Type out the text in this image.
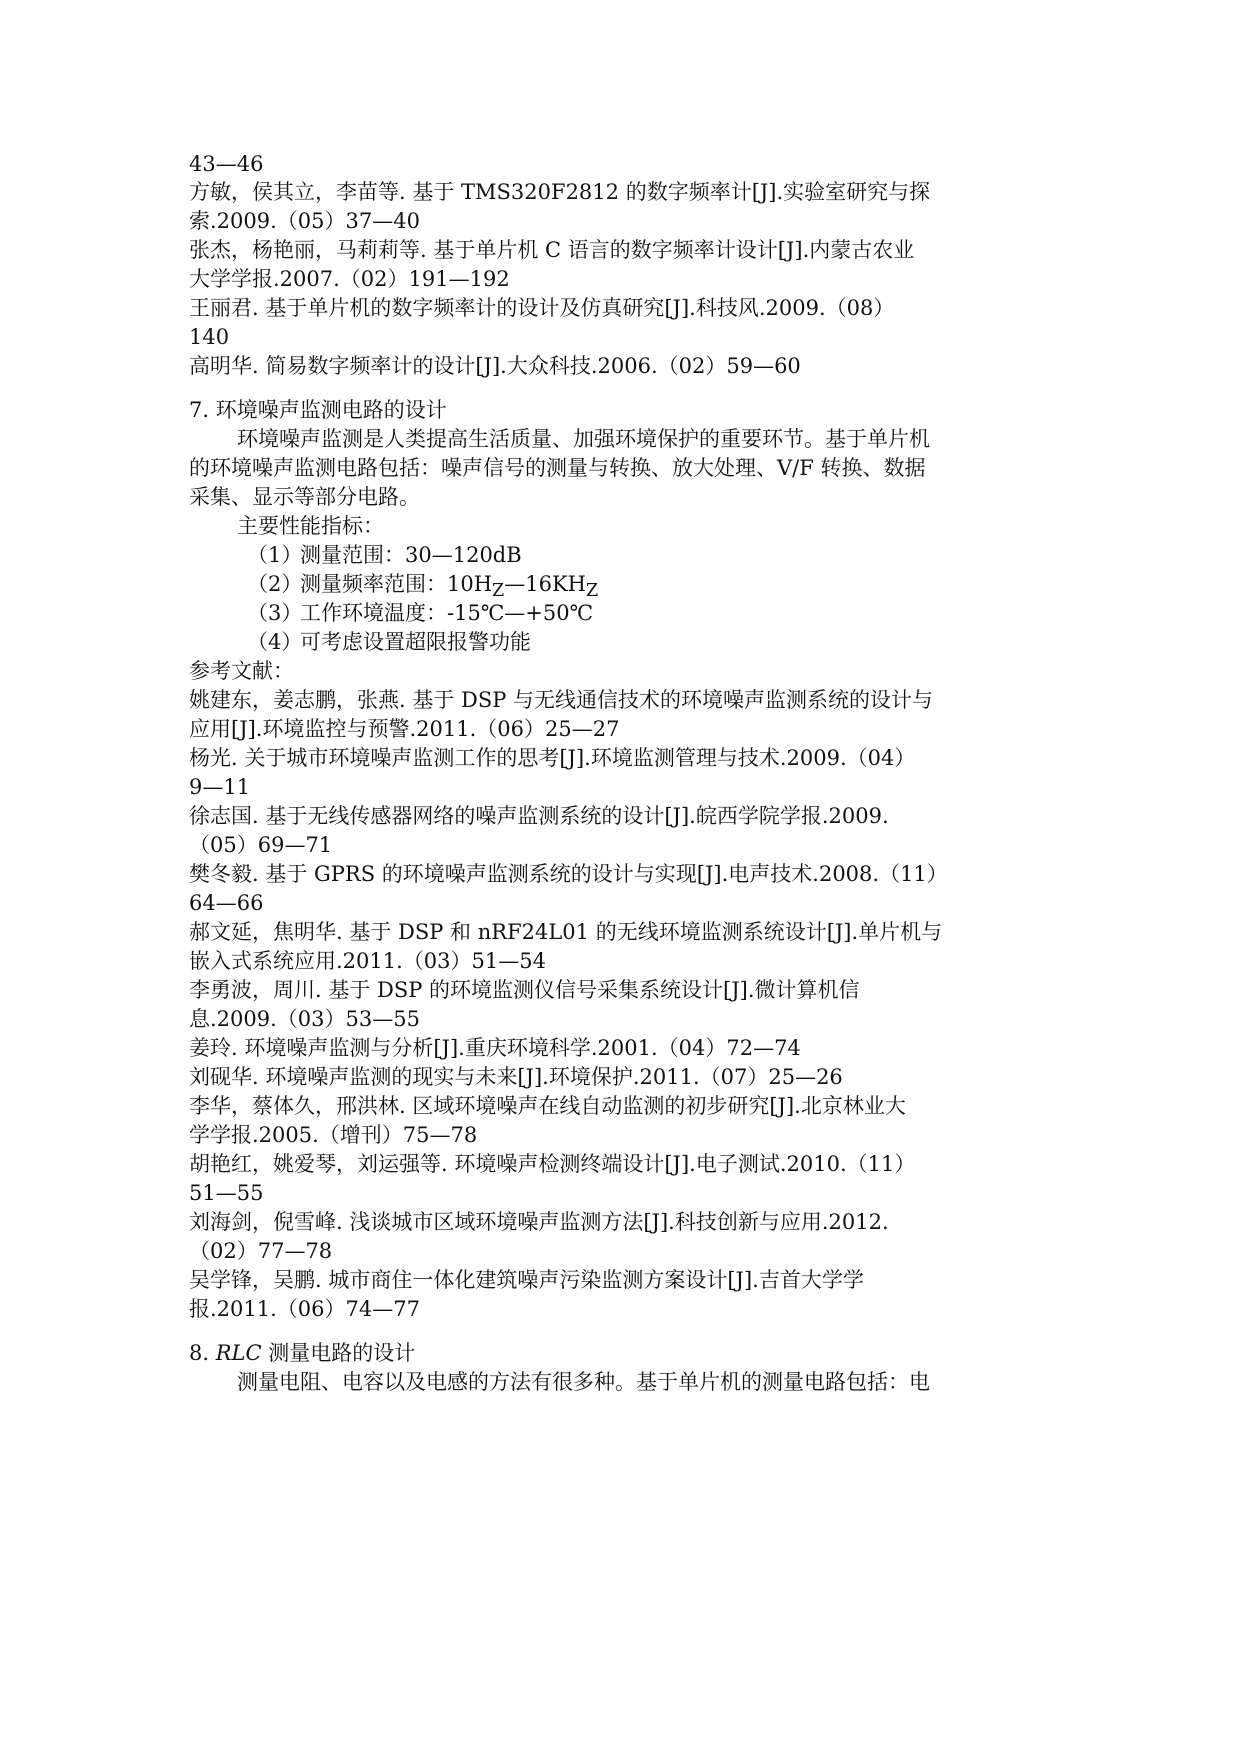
43—46
方敏，侯其立，李苗等. 基于 TMS320F2812 的数字频率计[J].实验室研究与探
索.2009.（05）37—40
张杰，杨艳丽，马莉莉等. 基于单片机 C 语言的数字频率计设计[J].内蒙古农业
大学学报.2007.（02）191—192
王丽君. 基于单片机的数字频率计的设计及仿真研究[J].科技风.2009.（08）
140
高明华. 简易数字频率计的设计[J].大众科技.2006.（02）59—60
7. 环境噪声监测电路的设计
环境噪声监测是人类提高生活质量、加强环境保护的重要环节。基于单片机
的环境噪声监测电路包括：噪声信号的测量与转换、放大处理、V/F 转换、数据
采集、显示等部分电路。
主要性能指标：
（1）测量范围：30—120dB
（2）测量频率范围：$10H_Z—16KH_Z$
（3）工作环境温度：-15℃—+50℃
（4）可考虑设置超限报警功能
参考文献：
姚建东，姜志鹏，张燕. 基于 DSP 与无线通信技术的环境噪声监测系统的设计与
应用[J].环境监控与预警.2011.（06）25—27
杨光. 关于城市环境噪声监测工作的思考[J].环境监测管理与技术.2009.（04）
9—11
徐志国. 基于无线传感器网络的噪声监测系统的设计[J].皖西学院学报.2009.
（05）69—71
樊冬毅. 基于 GPRS 的环境噪声监测系统的设计与实现[J].电声技术.2008.（11）
64—66
郝文延，焦明华. 基于 DSP 和 nRF24L01 的无线环境监测系统设计[J].单片机与
嵌入式系统应用.2011.（03）51—54
李勇波，周川. 基于 DSP 的环境监测仪信号采集系统设计[J].微计算机信
息.2009.（03）53—55
姜玲. 环境噪声监测与分析[J].重庆环境科学.2001.（04）72—74
刘砚华. 环境噪声监测的现实与未来[J].环境保护.2011.（07）25—26
李华，蔡体久，邢洪林. 区域环境噪声在线自动监测的初步研究[J].北京林业大
学学报.2005.（增刊）75—78
胡艳红，姚爱琴，刘运强等. 环境噪声检测终端设计[J].电子测试.2010.（11）
51—55
刘海剑，倪雪峰. 浅谈城市区域环境噪声监测方法[J].科技创新与应用.2012.
（02）77—78
吴学锋，吴鹏. 城市商住一体化建筑噪声污染监测方案设计[J].吉首大学学
报.2011.（06）74—77
8. RLC 测量电路的设计
测量电阻、电容以及电感的方法有很多种。基于单片机的测量电路包括：电
